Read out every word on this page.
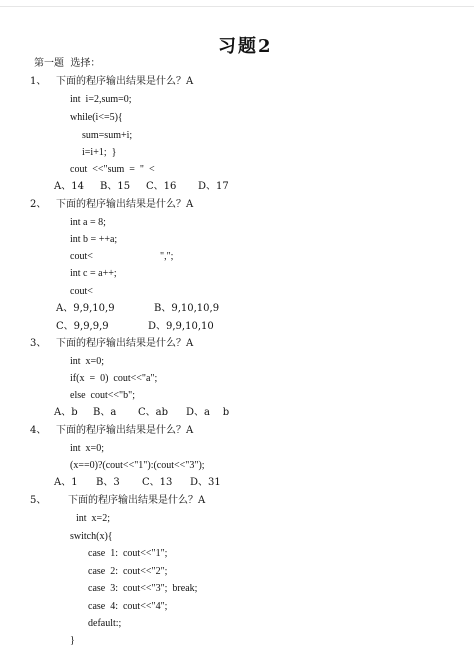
习题2
第一题  选择：
1、 下面的程序输出结果是什么？A
int  i=2,sum=0;
while(i<=5){
sum=sum+i;
i=i+1;  }
cout  <<"sum  =  "  <
A、14 B、15 C、16 D、17
2、 下面的程序输出结果是什么？A
int a = 8;
int b = ++a;
cout<	",";
int c = a++;
cout<
A、9,9,10,9	B、9,10,10,9
C、9,9,9,9	D、9,9,10,10
3、 下面的程序输出结果是什么？A
int  x=0;
if(x  =  0)  cout<<"a";
else  cout<<"b";
A、b B、a C、ab D、a    b
4、 下面的程序输出结果是什么？A
int  x=0;
(x==0)?(cout<<"1"):(cout<<"3");
A、1 B、3 C、13 D、31
5、 下面的程序输出结果是什么？A
int  x=2;
switch(x){
case  1:  cout<<"1";
case  2:  cout<<"2";
case  3:  cout<<"3";  break;
case  4:  cout<<"4";
default:;
}
